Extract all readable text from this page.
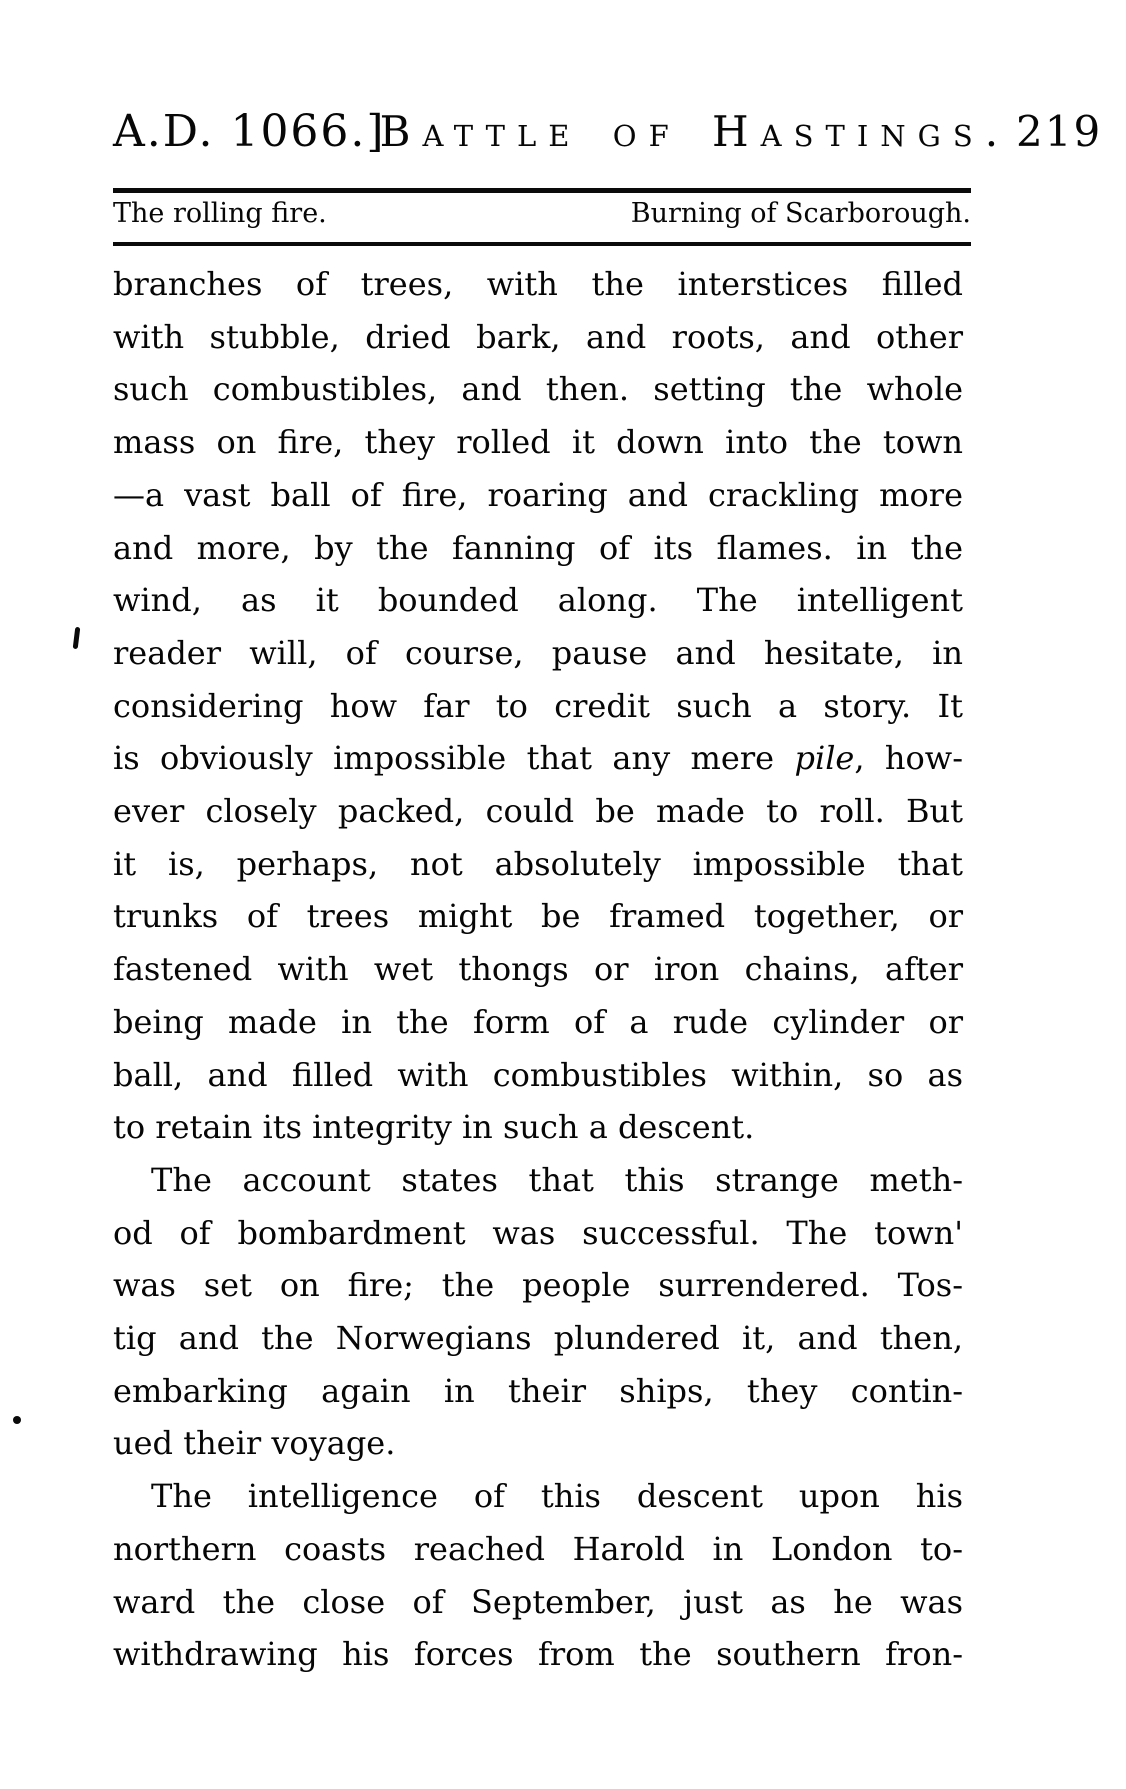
A.D. 1066.]
Battle of Hastings. 219
The rolling fire.	Burning of Scarborough.
branches of trees, with the interstices filled
with stubble, dried bark, and roots, and other
such combustibles, and then. setting the whole
mass on fire, they rolled it down into the town
—a vast ball of fire, roaring and crackling more
and more, by the fanning of its flames. in the
wind, as it bounded along. The intelligent
reader will, of course, pause and hesitate, in
considering how far to credit such a story. It
is obviously impossible that any mere pile, how-
ever closely packed, could be made to roll. But
it is, perhaps, not absolutely impossible that
trunks of trees might be framed together, or
fastened with wet thongs or iron chains, after
being made in the form of a rude cylinder or
ball, and filled with combustibles within, so as
to retain its integrity in such a descent.
The account states that this strange meth-
od of bombardment was successful. The town'
was set on fire; the people surrendered. Tos-
tig and the Norwegians plundered it, and then,
embarking again in their ships, they contin-
ued their voyage.
The intelligence of this descent upon his
northern coasts reached Harold in London to-
ward the close of September, just as he was
withdrawing his forces from the southern fron-
